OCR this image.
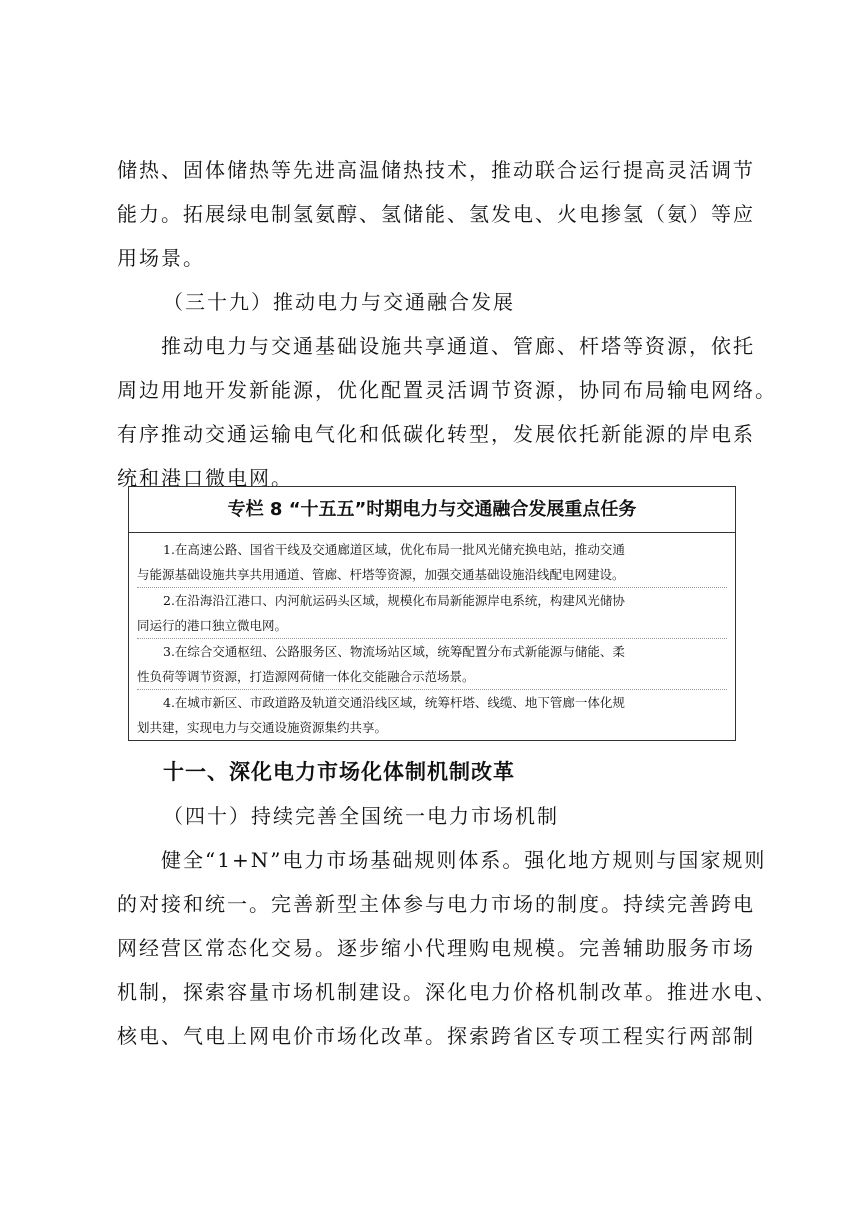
储热、固体储热等先进高温储热技术，推动联合运行提高灵活调节
能力。拓展绿电制氢氨醇、氢储能、氢发电、火电掺氢（氨）等应
用场景。
（三十九）推动电力与交通融合发展
推动电力与交通基础设施共享通道、管廊、杆塔等资源，依托
周边用地开发新能源，优化配置灵活调节资源，协同布局输电网络。
有序推动交通运输电气化和低碳化转型，发展依托新能源的岸电系
统和港口微电网。
专栏 8 “十五五”时期电力与交通融合发展重点任务
1.在高速公路、国省干线及交通廊道区域，优化布局一批风光储充换电站，推动交通
与能源基础设施共享共用通道、管廊、杆塔等资源，加强交通基础设施沿线配电网建设。
2.在沿海沿江港口、内河航运码头区域，规模化布局新能源岸电系统，构建风光储协
同运行的港口独立微电网。
3.在综合交通枢纽、公路服务区、物流场站区域，统筹配置分布式新能源与储能、柔
性负荷等调节资源，打造源网荷储一体化交能融合示范场景。
4.在城市新区、市政道路及轨道交通沿线区域，统筹杆塔、线缆、地下管廊一体化规
划共建，实现电力与交通设施资源集约共享。
十一、深化电力市场化体制机制改革
（四十）持续完善全国统一电力市场机制
健全“1+N”电力市场基础规则体系。强化地方规则与国家规则
的对接和统一。完善新型主体参与电力市场的制度。持续完善跨电
网经营区常态化交易。逐步缩小代理购电规模。完善辅助服务市场
机制，探索容量市场机制建设。深化电力价格机制改革。推进水电、
核电、气电上网电价市场化改革。探索跨省区专项工程实行两部制
